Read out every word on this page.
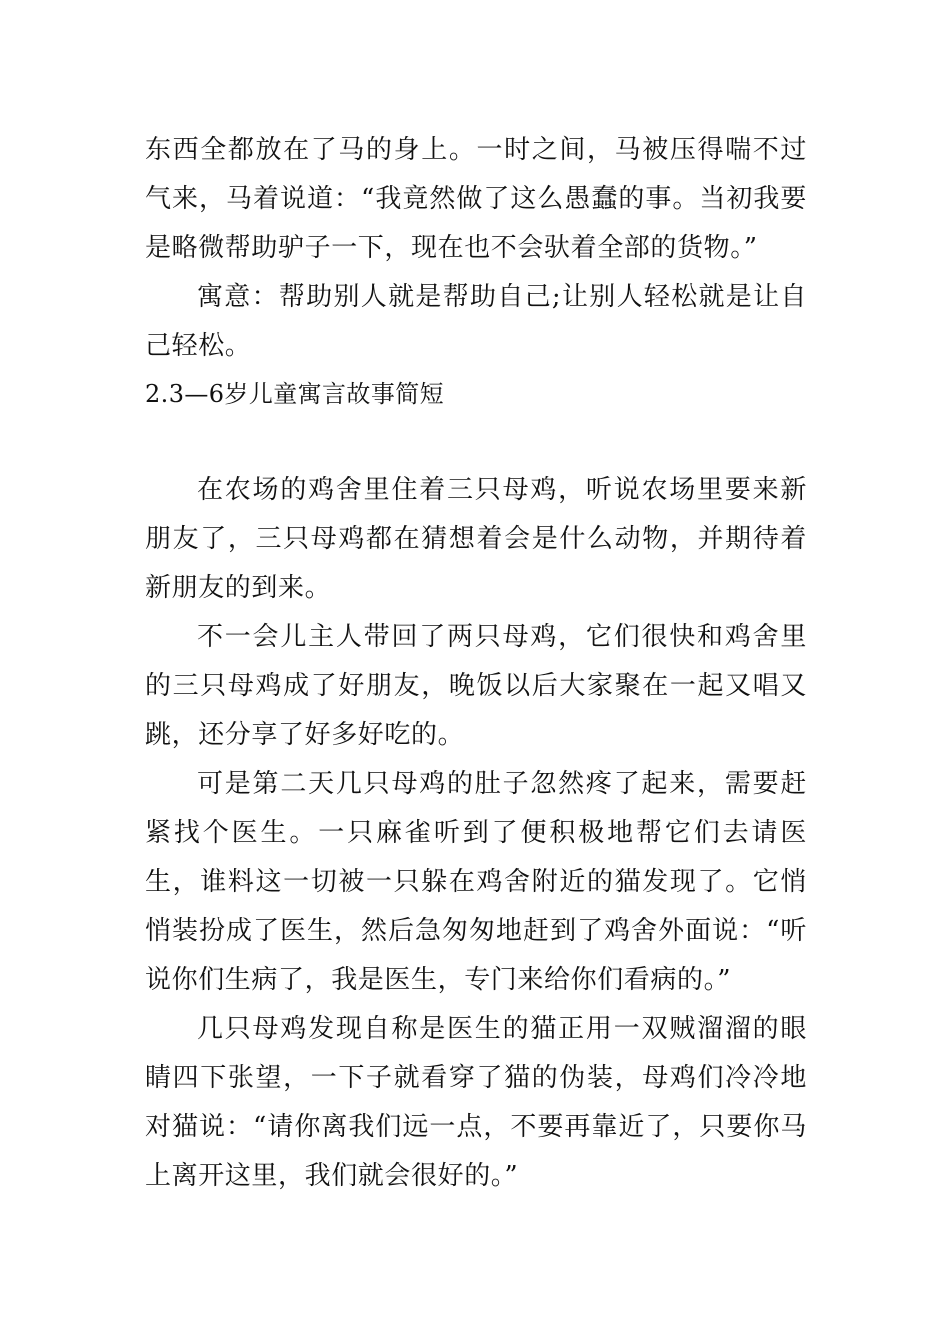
东西全都放在了马的身上。一时之间，马被压得喘不过气来，马着说道：“我竟然做了这么愚蠢的事。当初我要是略微帮助驴子一下，现在也不会驮着全部的货物。”

寓意：帮助别人就是帮助自己;让别人轻松就是让自己轻松。

2.3—6岁儿童寓言故事简短

在农场的鸡舍里住着三只母鸡，听说农场里要来新朋友了，三只母鸡都在猜想着会是什么动物，并期待着新朋友的到来。

不一会儿主人带回了两只母鸡，它们很快和鸡舍里的三只母鸡成了好朋友，晚饭以后大家聚在一起又唱又跳，还分享了好多好吃的。

可是第二天几只母鸡的肚子忽然疼了起来，需要赶紧找个医生。一只麻雀听到了便积极地帮它们去请医生，谁料这一切被一只躲在鸡舍附近的猫发现了。它悄悄装扮成了医生，然后急匆匆地赶到了鸡舍外面说：“听说你们生病了，我是医生，专门来给你们看病的。”

几只母鸡发现自称是医生的猫正用一双贼溜溜的眼睛四下张望，一下子就看穿了猫的伪装，母鸡们冷冷地对猫说：“请你离我们远一点，不要再靠近了，只要你马上离开这里，我们就会很好的。”
